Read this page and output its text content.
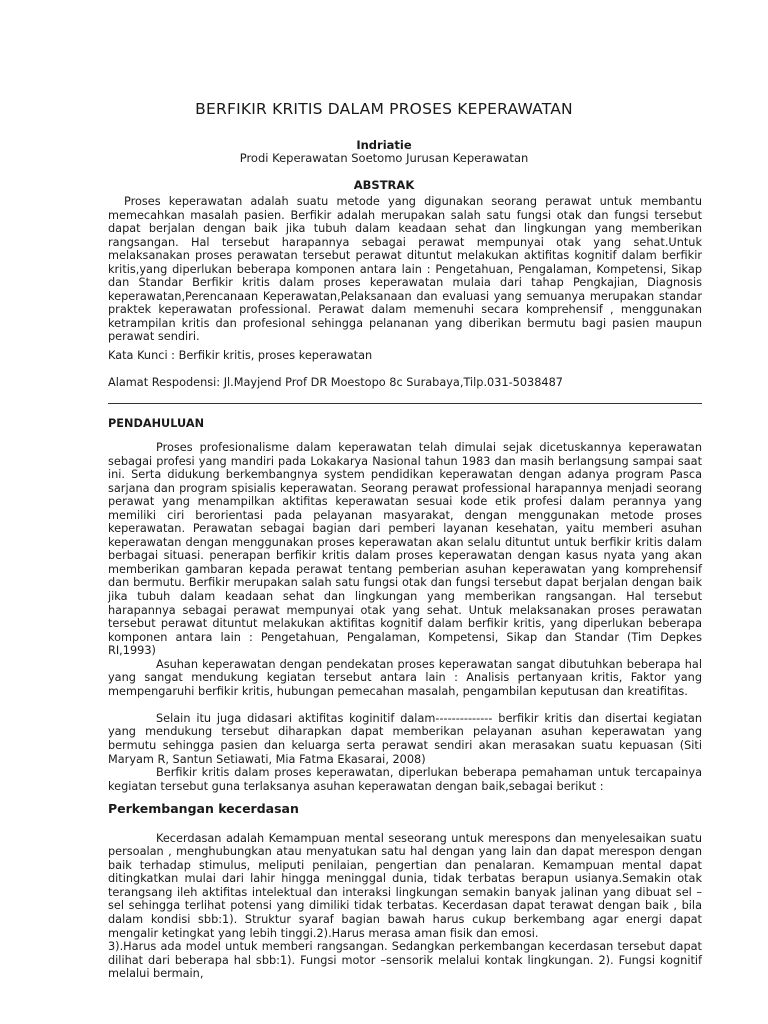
BERFIKIR KRITIS DALAM PROSES KEPERAWATAN
Indriatie
Prodi Keperawatan Soetomo Jurusan Keperawatan
ABSTRAK

Proses keperawatan adalah suatu metode yang digunakan seorang perawat untuk membantu memecahkan masalah pasien. Berfikir adalah merupakan salah satu fungsi otak dan fungsi tersebut dapat berjalan dengan baik jika tubuh dalam keadaan sehat dan lingkungan yang memberikan rangsangan. Hal tersebut harapannya sebagai perawat mempunyai otak yang sehat.Untuk melaksanakan proses perawatan tersebut perawat dituntut melakukan aktifitas kognitif dalam berfikir kritis,yang diperlukan beberapa komponen antara lain : Pengetahuan, Pengalaman, Kompetensi, Sikap dan Standar Berfikir kritis dalam proses keperawatan mulaia dari tahap Pengkajian, Diagnosis keperawatan,Perencanaan Keperawatan,Pelaksanaan dan evaluasi yang semuanya merupakan standar praktek keperawatan professional. Perawat dalam memenuhi secara komprehensif , menggunakan ketrampilan kritis dan profesional sehingga pelananan yang diberikan bermutu bagi pasien maupun perawat sendiri.

Kata Kunci : Berfikir kritis, proses keperawatan
Alamat Respodensi: Jl.Mayjend Prof DR Moestopo 8c Surabaya,Tilp.031-5038487
PENDAHULUAN

Proses profesionalisme dalam keperawatan telah dimulai sejak dicetuskannya keperawatan sebagai profesi yang mandiri pada Lokakarya Nasional tahun 1983 dan masih berlangsung sampai saat ini. Serta didukung berkembangnya system pendidikan keperawatan dengan adanya program Pasca sarjana dan program spisialis keperawatan. Seorang perawat professional harapannya menjadi seorang perawat yang menampilkan aktifitas keperawatan sesuai kode etik profesi dalam perannya yang memiliki ciri berorientasi pada pelayanan masyarakat, dengan menggunakan metode proses keperawatan. Perawatan sebagai bagian dari pemberi layanan kesehatan, yaitu memberi asuhan keperawatan dengan menggunakan proses keperawatan akan selalu dituntut untuk berfikir kritis dalam berbagai situasi. penerapan berfikir kritis dalam proses keperawatan dengan kasus nyata yang akan memberikan gambaran kepada perawat tentang pemberian asuhan keperawatan yang komprehensif dan bermutu. Berfikir merupakan salah satu fungsi otak dan fungsi tersebut dapat berjalan dengan baik jika tubuh dalam keadaan sehat dan lingkungan yang memberikan rangsangan. Hal tersebut harapannya sebagai perawat mempunyai otak yang sehat. Untuk melaksanakan proses perawatan tersebut perawat dituntut melakukan aktifitas kognitif dalam berfikir kritis, yang diperlukan beberapa komponen antara lain : Pengetahuan, Pengalaman, Kompetensi, Sikap dan Standar (Tim Depkes RI,1993)

Asuhan keperawatan dengan pendekatan proses keperawatan sangat dibutuhkan beberapa hal yang sangat mendukung kegiatan tersebut antara lain : Analisis pertanyaan kritis, Faktor yang mempengaruhi berfikir kritis, hubungan pemecahan masalah, pengambilan keputusan dan kreatifitas.

Selain itu juga didasari aktifitas koginitif dalam-------------- berfikir kritis dan disertai kegiatan yang mendukung tersebut diharapkan dapat memberikan pelayanan asuhan keperawatan yang bermutu sehingga pasien dan keluarga serta perawat sendiri akan merasakan suatu kepuasan (Siti Maryam R, Santun Setiawati, Mia Fatma Ekasarai, 2008)

Berfikir kritis dalam proses keperawatan, diperlukan beberapa pemahaman untuk tercapainya kegiatan tersebut guna terlaksanya asuhan keperawatan dengan baik,sebagai berikut :

Perkembangan kecerdasan

Kecerdasan adalah Kemampuan mental seseorang untuk merespons dan menyelesaikan suatu persoalan , menghubungkan atau menyatukan satu hal dengan yang lain dan dapat merespon dengan baik terhadap stimulus, meliputi penilaian, pengertian dan penalaran. Kemampuan mental dapat ditingkatkan mulai dari lahir hingga meninggal dunia, tidak terbatas berapun usianya.Semakin otak terangsang ileh aktifitas intelektual dan interaksi lingkungan semakin banyak jalinan yang dibuat sel – sel sehingga terlihat potensi yang dimiliki tidak terbatas. Kecerdasan dapat terawat dengan baik , bila dalam kondisi sbb:1). Struktur syaraf bagian bawah harus cukup berkembang agar energi dapat mengalir ketingkat yang lebih tinggi.2).Harus merasa aman fisik dan emosi.

3).Harus ada model untuk memberi rangsangan. Sedangkan perkembangan kecerdasan tersebut dapat dilihat dari beberapa hal sbb:1). Fungsi motor –sensorik melalui kontak lingkungan. 2). Fungsi kognitif melalui bermain,
